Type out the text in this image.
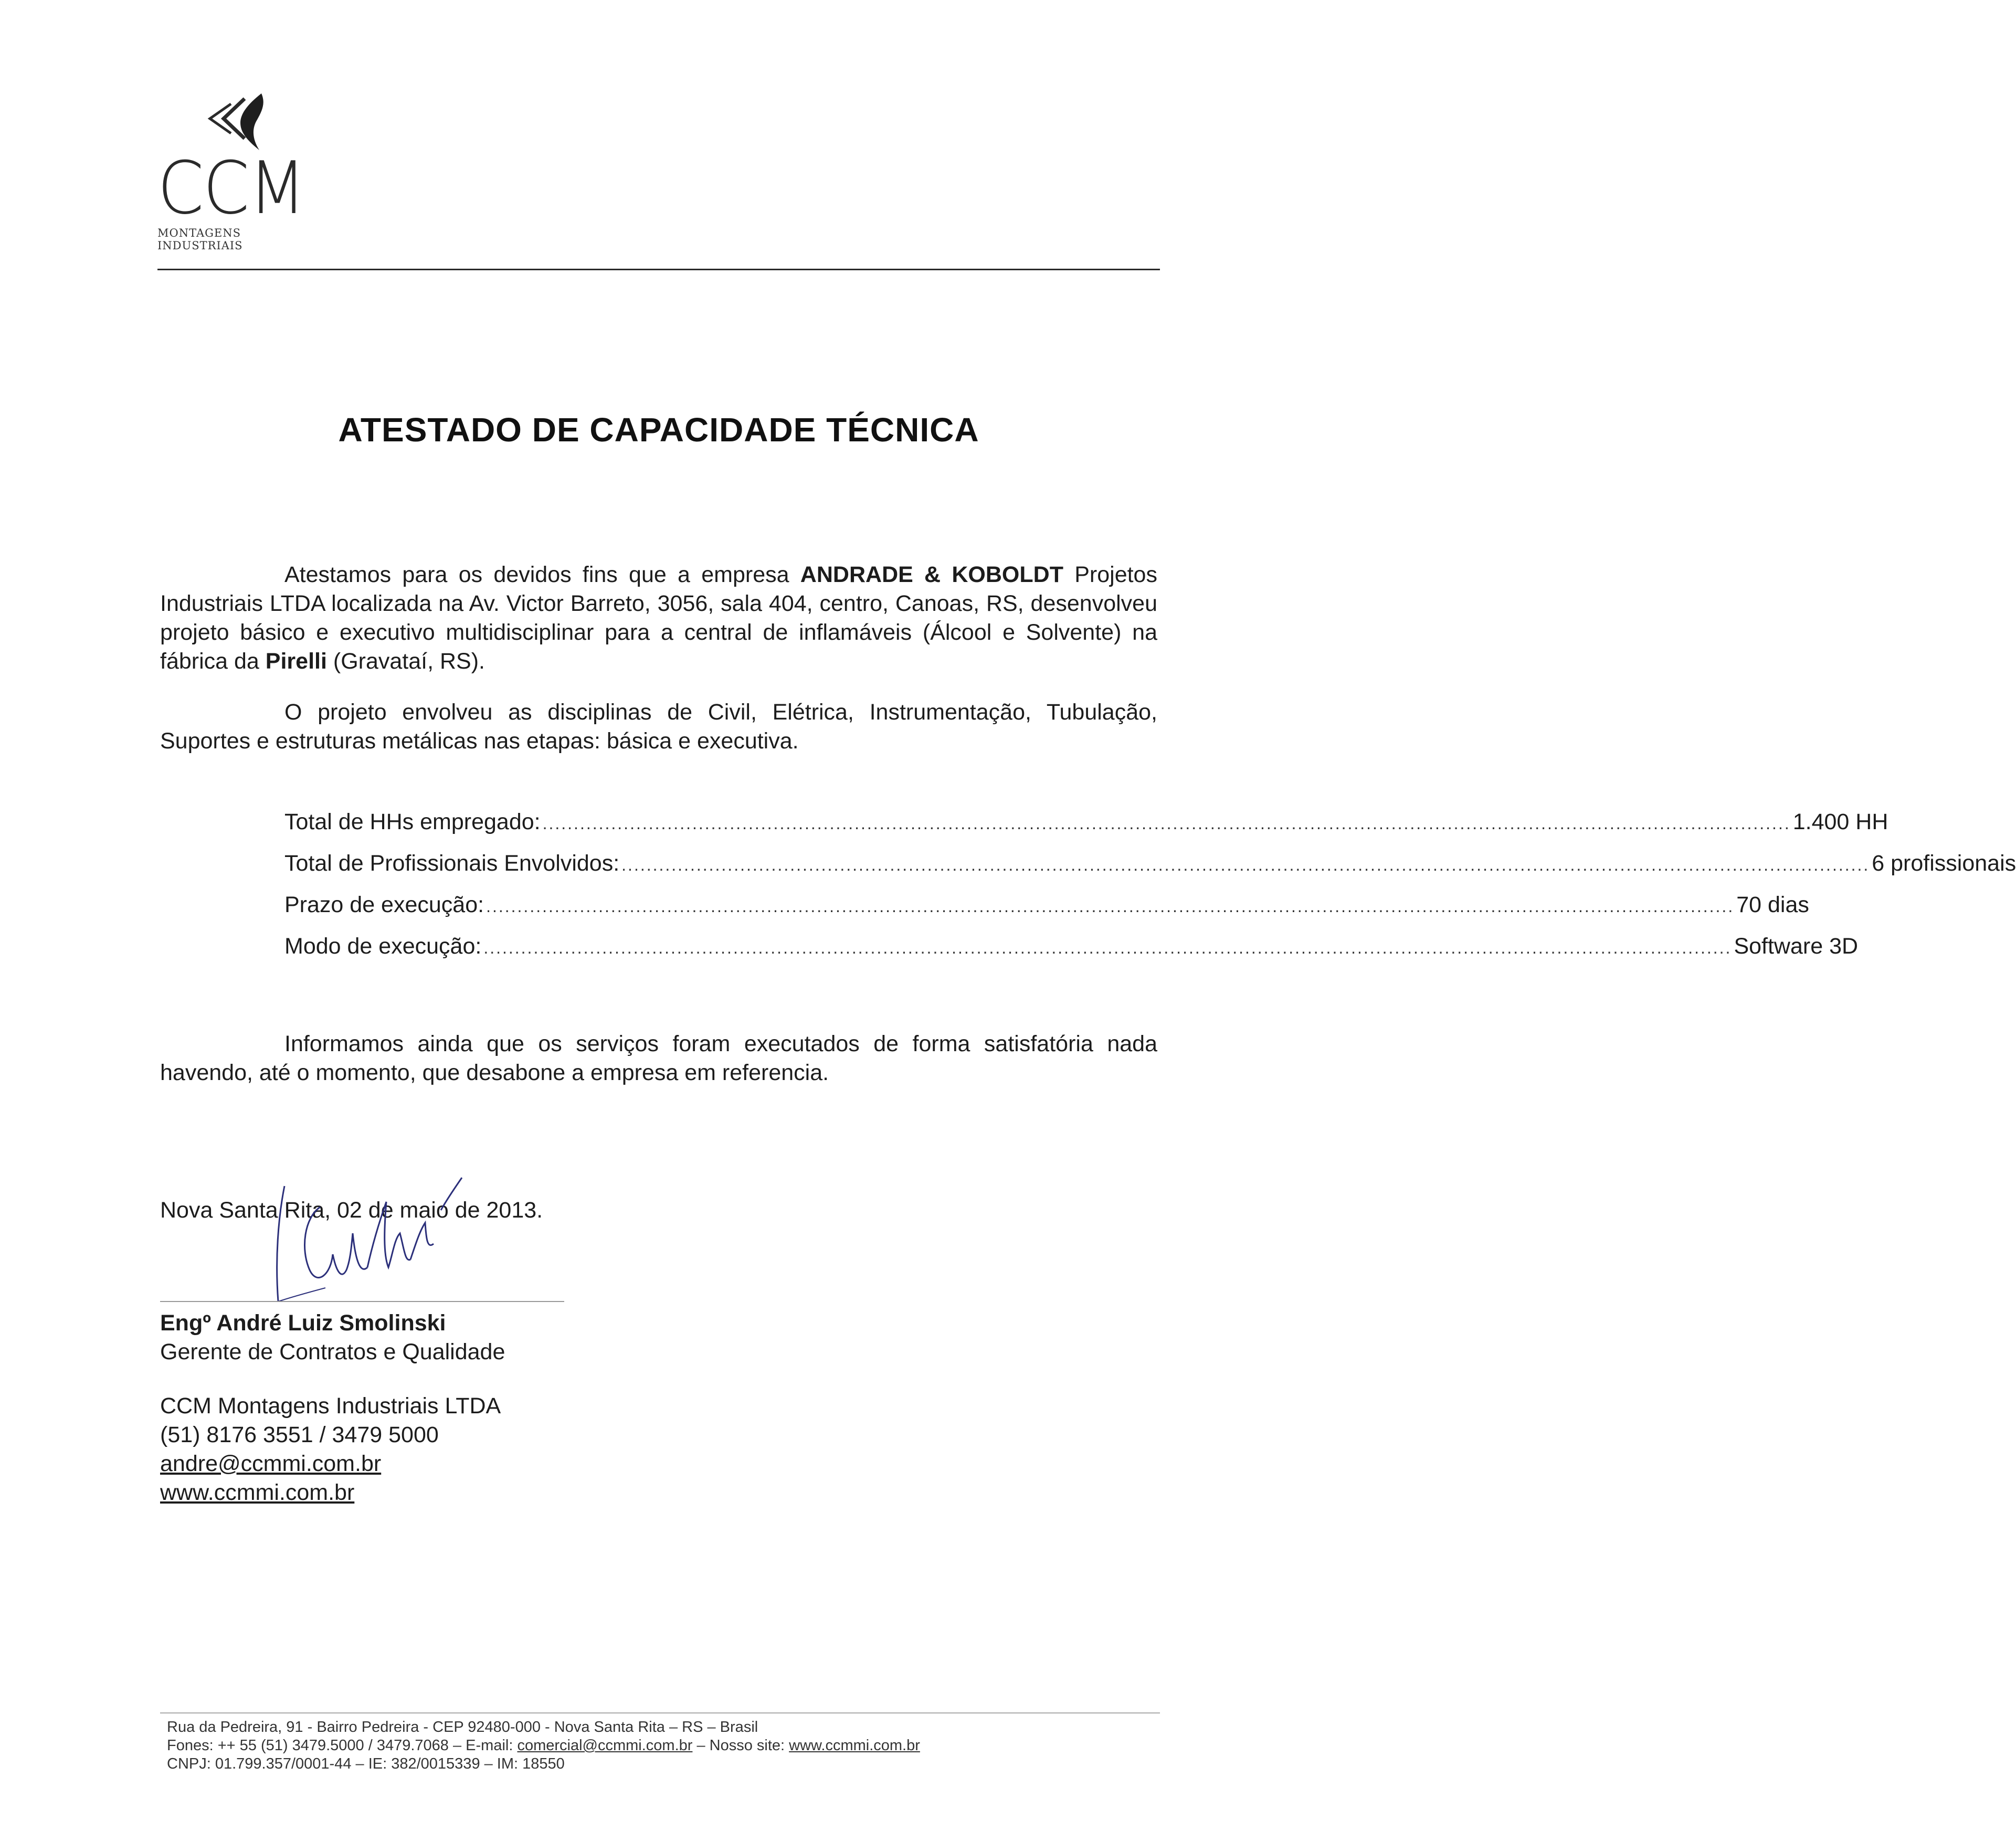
CCM
MONTAGENS INDUSTRIAIS
ATESTADO DE CAPACIDADE TÉCNICA

Atestamos para os devidos fins que a empresa ANDRADE & KOBOLDT Projetos Industriais LTDA localizada na Av. Victor Barreto, 3056, sala 404, centro, Canoas, RS, desenvolveu projeto básico e executivo multidisciplinar para a central de inflamáveis (Álcool e Solvente) na fábrica da Pirelli (Gravataí, RS).

O projeto envolveu as disciplinas de Civil, Elétrica, Instrumentação, Tubulação, Suportes e estruturas metálicas nas etapas: básica e executiva.

Total de HHs empregado: ........................................................................................................................................................................................................ 1.400 HH
Total de Profissionais Envolvidos: ........................................................................................................................................................................................................ 6 profissionais
Prazo de execução: ........................................................................................................................................................................................................ 70 dias
Modo de execução: ........................................................................................................................................................................................................ Software 3D

Informamos ainda que os serviços foram executados de forma satisfatória nada havendo, até o momento, que desabone a empresa em referencia.

Nova Santa Rita, 02 de maio de 2013.
Engº André Luiz Smolinski
Gerente de Contratos e Qualidade
CCM Montagens Industriais LTDA
(51) 8176 3551 / 3479 5000
andre@ccmmi.com.br
www.ccmmi.com.br
Rua da Pedreira, 91 - Bairro Pedreira - CEP 92480-000 - Nova Santa Rita – RS – Brasil
Fones: ++ 55 (51) 3479.5000 / 3479.7068 – E-mail: comercial@ccmmi.com.br – Nosso site: www.ccmmi.com.br
CNPJ: 01.799.357/0001-44 – IE: 382/0015339 – IM: 18550
